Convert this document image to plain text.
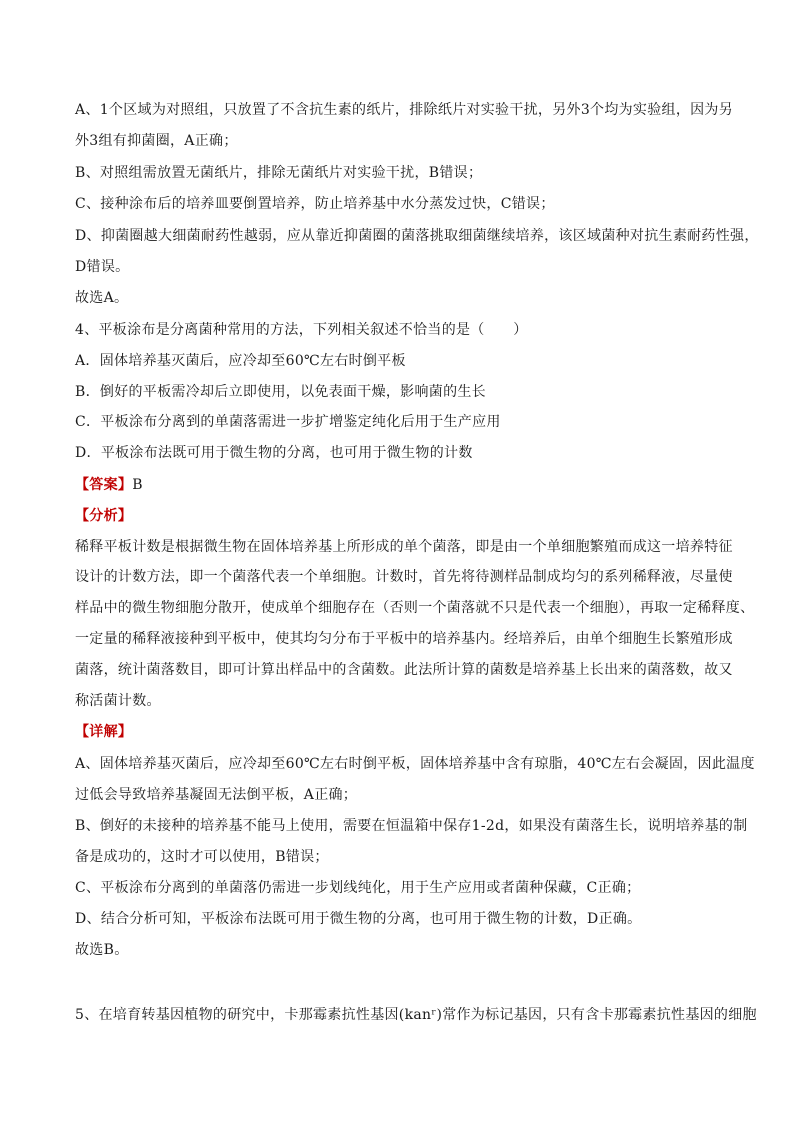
A、1个区域为对照组，只放置了不含抗生素的纸片，排除纸片对实验干扰，另外3个均为实验组，因为另
外3组有抑菌圈，A正确；
B、对照组需放置无菌纸片，排除无菌纸片对实验干扰，B错误；
C、接种涂布后的培养皿要倒置培养，防止培养基中水分蒸发过快，C错误；
D、抑菌圈越大细菌耐药性越弱，应从靠近抑菌圈的菌落挑取细菌继续培养，该区域菌种对抗生素耐药性强，
D错误。
故选A。
4、平板涂布是分离菌种常用的方法，下列相关叙述不恰当的是（　　）
A．固体培养基灭菌后，应冷却至60℃左右时倒平板
B．倒好的平板需冷却后立即使用，以免表面干燥，影响菌的生长
C．平板涂布分离到的单菌落需进一步扩增鉴定纯化后用于生产应用
D．平板涂布法既可用于微生物的分离，也可用于微生物的计数
【答案】B
【分析】
稀释平板计数是根据微生物在固体培养基上所形成的单个菌落，即是由一个单细胞繁殖而成这一培养特征
设计的计数方法，即一个菌落代表一个单细胞。计数时，首先将待测样品制成均匀的系列稀释液，尽量使
样品中的微生物细胞分散开，使成单个细胞存在（否则一个菌落就不只是代表一个细胞），再取一定稀释度、
一定量的稀释液接种到平板中，使其均匀分布于平板中的培养基内。经培养后，由单个细胞生长繁殖形成
菌落，统计菌落数目，即可计算出样品中的含菌数。此法所计算的菌数是培养基上长出来的菌落数，故又
称活菌计数。
【详解】
A、固体培养基灭菌后，应冷却至60℃左右时倒平板，固体培养基中含有琼脂，40℃左右会凝固，因此温度
过低会导致培养基凝固无法倒平板，A正确；
B、倒好的未接种的培养基不能马上使用，需要在恒温箱中保存1-2d，如果没有菌落生长，说明培养基的制
备是成功的，这时才可以使用，B错误；
C、平板涂布分离到的单菌落仍需进一步划线纯化，用于生产应用或者菌种保藏，C正确；
D、结合分析可知，平板涂布法既可用于微生物的分离，也可用于微生物的计数，D正确。
故选B。
5、在培育转基因植物的研究中，卡那霉素抗性基因(kanʳ)常作为标记基因，只有含卡那霉素抗性基因的细胞
